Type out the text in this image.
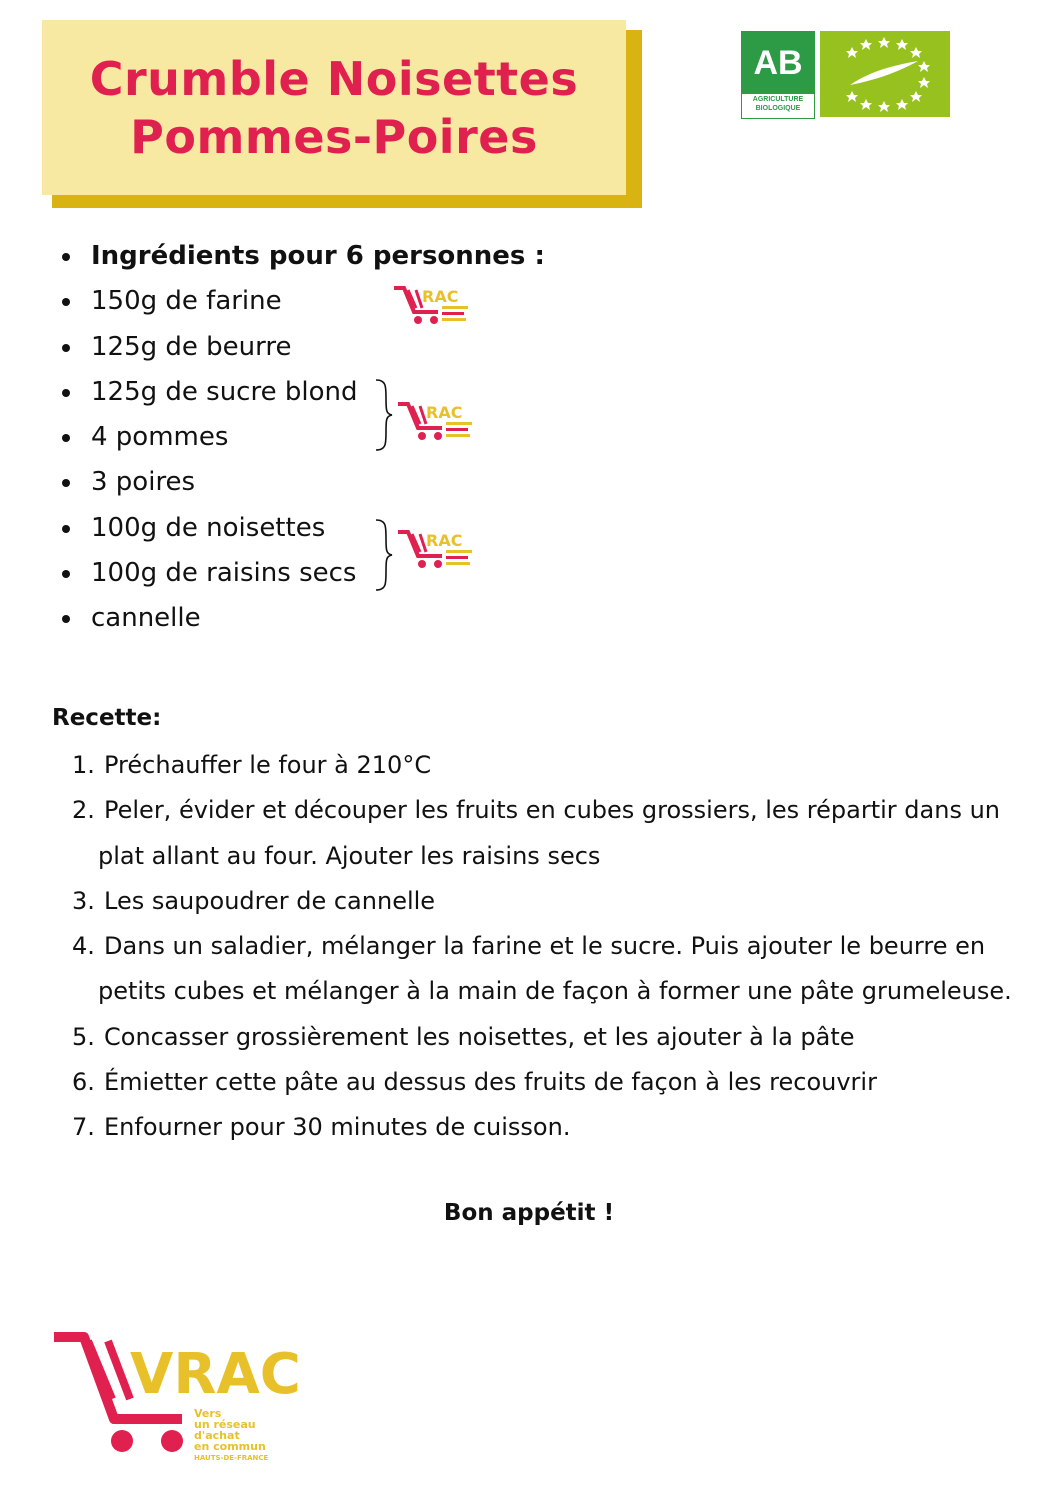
Crumble Noisettes
Pommes-Poires
AB
AGRICULTURE
BIOLOGIQUE
Ingrédients pour 6 personnes :
150g de farine
125g de beurre
125g de sucre blond
4 pommes
3 poires
100g de noisettes
100g de raisins secs
cannelle
RAC
RAC
RAC
Recette:
1. Préchauffer le four à 210°C
2. Peler, évider et découper les fruits en cubes grossiers, les répartir dans un
plat allant au four. Ajouter les raisins secs
3. Les saupoudrer de cannelle
4. Dans un saladier, mélanger la farine et le sucre. Puis ajouter le beurre en
petits cubes et mélanger à la main de façon à former une pâte grumeleuse.
5. Concasser grossièrement les noisettes, et les ajouter à la pâte
6. Émietter cette pâte au dessus des fruits de façon à les recouvrir
7. Enfourner pour 30 minutes de cuisson.
Bon appétit !
VRAC
Vers
un réseau
d'achat
en commun
HAUTS-DE-FRANCE
